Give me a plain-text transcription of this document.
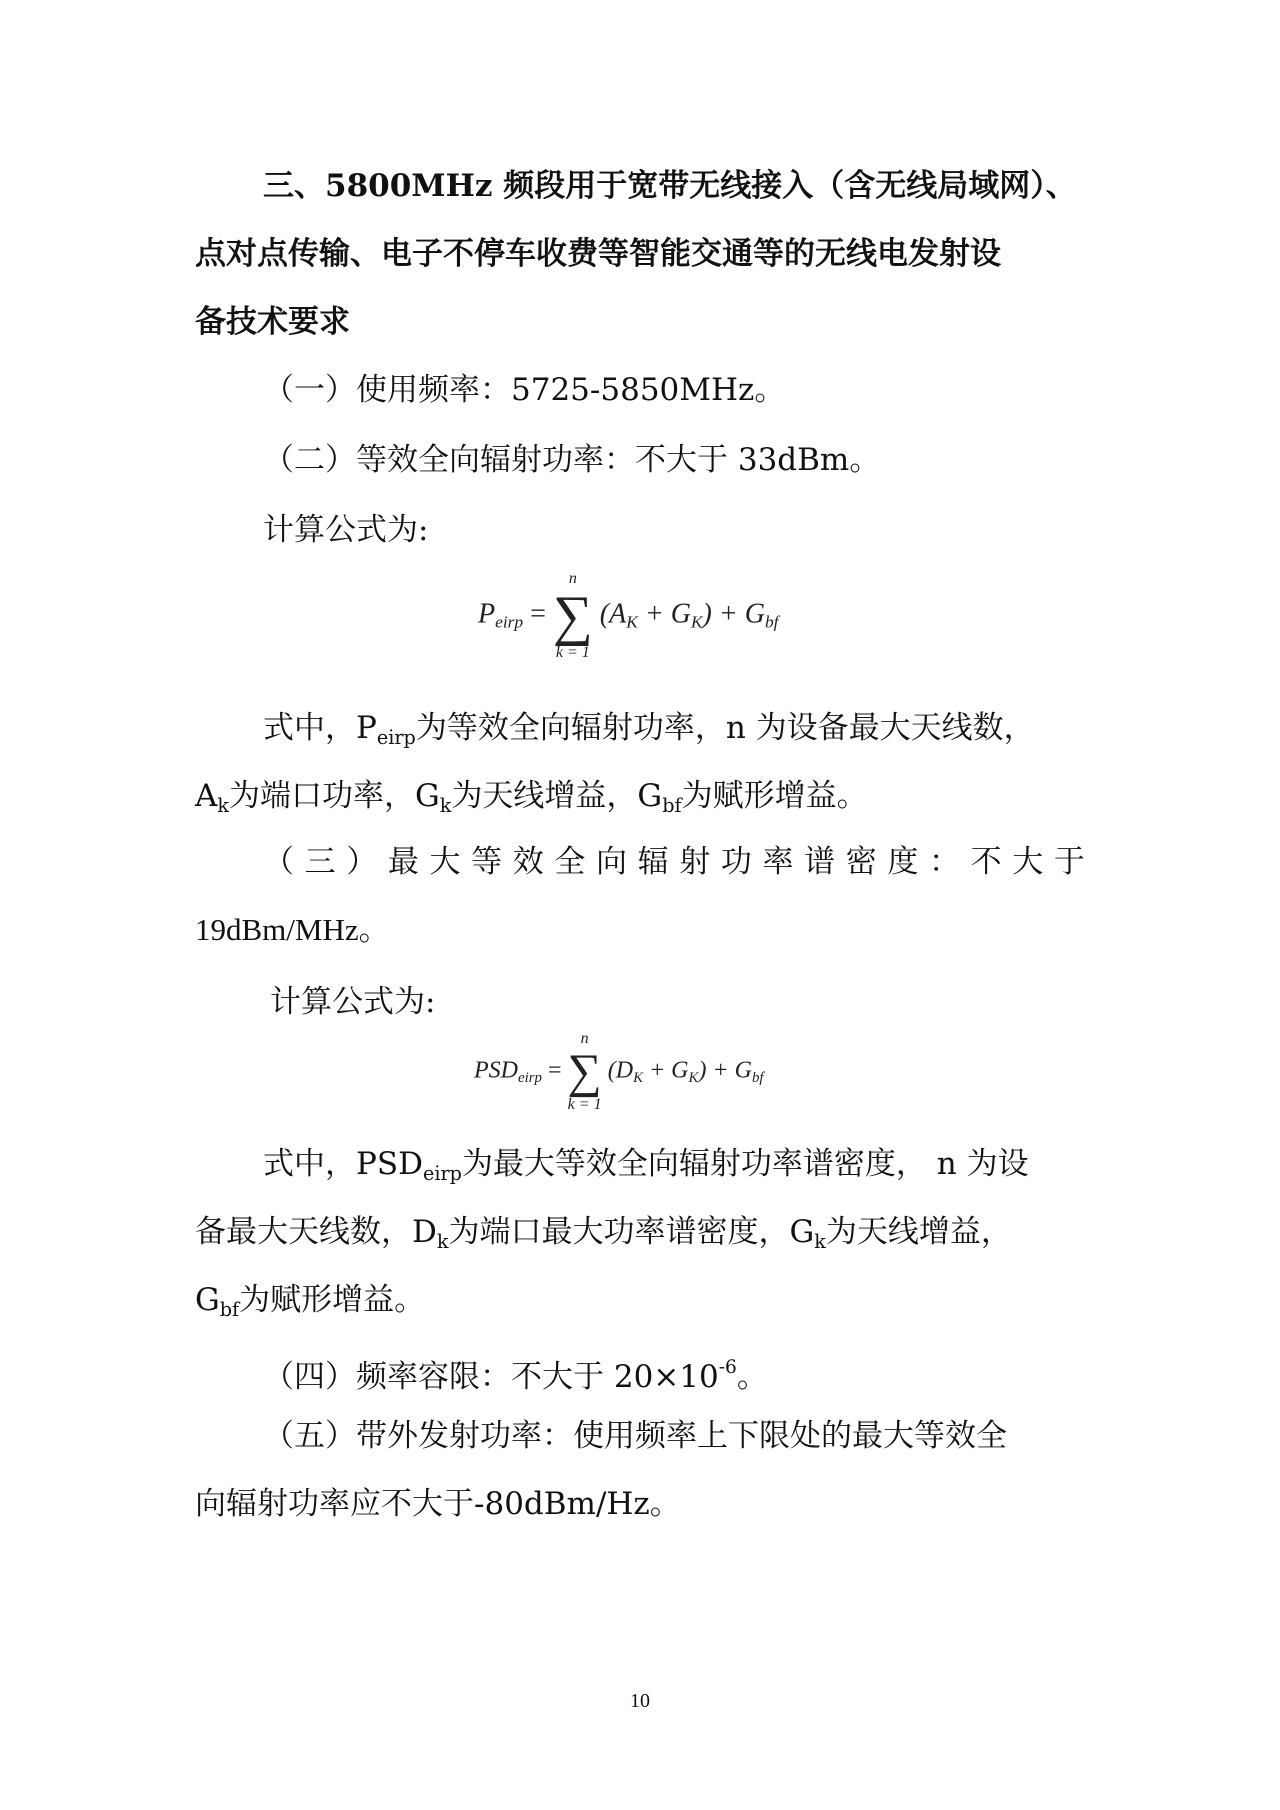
三、5800MHz 频段用于宽带无线接入（含无线局域网）、
点对点传输、电子不停车收费等智能交通等的无线电发射设
备技术要求
（一）使用频率：5725-5850MHz。
（二）等效全向辐射功率：不大于 33dBm。
计算公式为:
$P_{eirp}$ =
n
∑
k = 1
$(A_K + G_K) + G_{bf}$
式中，$P_{eirp}$为等效全向辐射功率，n 为设备最大天线数，
$A_k$为端口功率，$G_k$为天线增益，$G_{bf}$为赋形增益。
（ 三 ） 最 大 等 效 全 向 辐 射 功 率 谱 密 度 ： 不 大 于
19dBm/MHz。
计算公式为:
$PSD_{eirp}$ =
n
∑
k = 1
$(D_K + G_K) + G_{bf}$
式中，$PSD_{eirp}$为最大等效全向辐射功率谱密度， n 为设
备最大天线数，$D_k$为端口最大功率谱密度，$G_k$为天线增益，
$G_{bf}$为赋形增益。
（四）频率容限：不大于 $20\times 10^{-6}$。
（五）带外发射功率：使用频率上下限处的最大等效全
向辐射功率应不大于-80dBm/Hz。
10
